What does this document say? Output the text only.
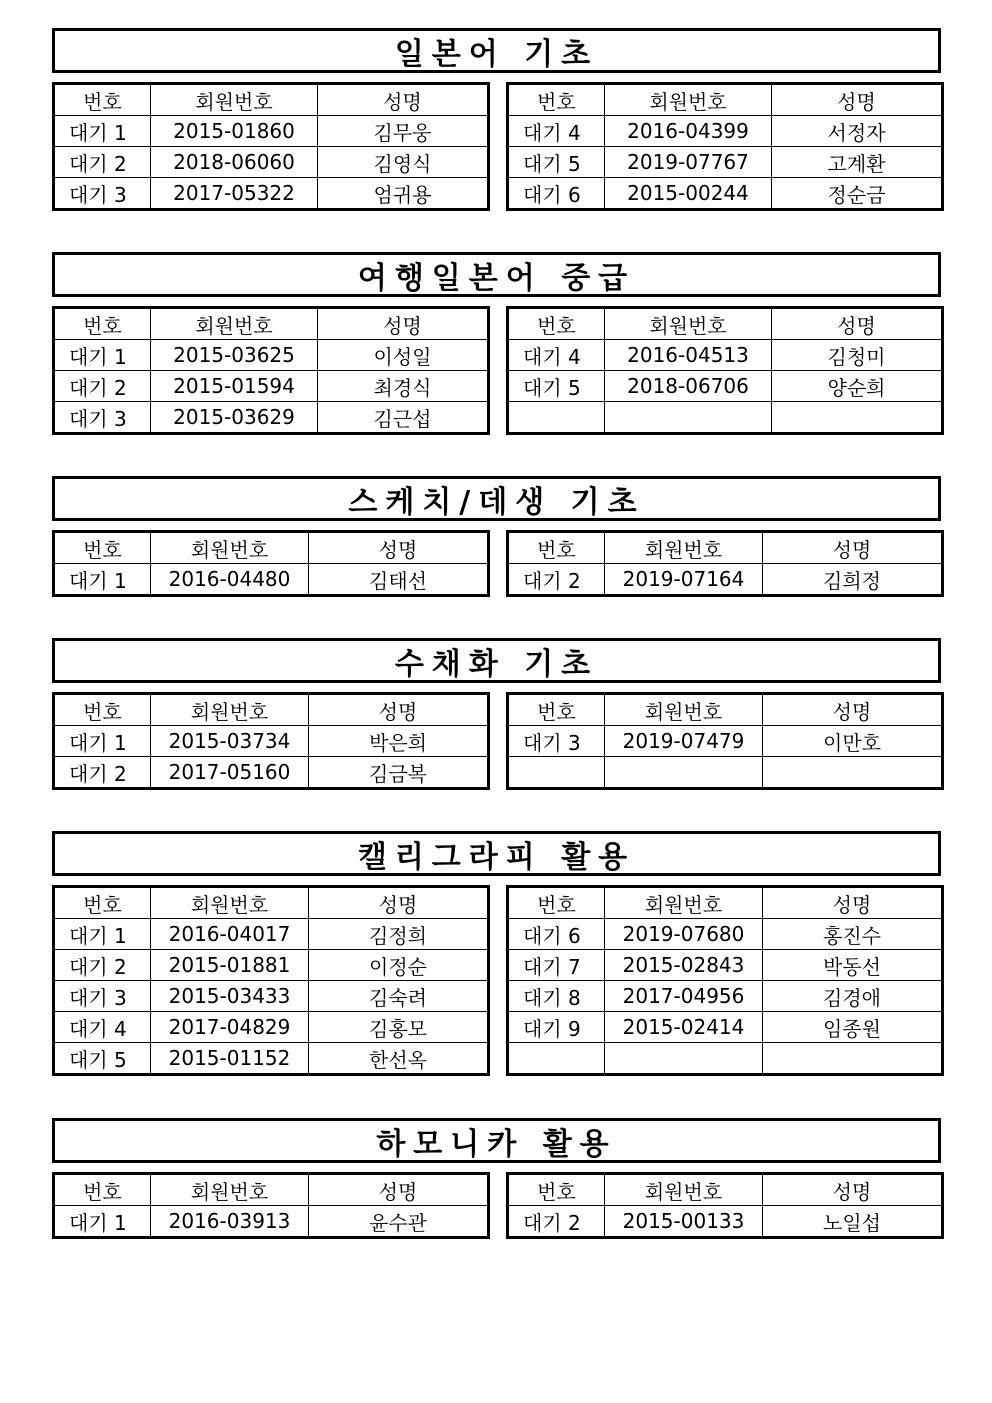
일본어 기초
번호	회원번호	성명
대기 1	2015-01860	김무웅
대기 2	2018-06060	김영식
대기 3	2017-05322	엄귀용
번호	회원번호	성명
대기 4	2016-04399	서정자
대기 5	2019-07767	고계환
대기 6	2015-00244	정순금
여행일본어 중급
번호	회원번호	성명
대기 1	2015-03625	이성일
대기 2	2015-01594	최경식
대기 3	2015-03629	김근섭
번호	회원번호	성명
대기 4	2016-04513	김청미
대기 5	2018-06706	양순희

스케치/데생 기초
번호	회원번호	성명
대기 1	2016-04480	김태선
번호	회원번호	성명
대기 2	2019-07164	김희정
수채화 기초
번호	회원번호	성명
대기 1	2015-03734	박은희
대기 2	2017-05160	김금복
번호	회원번호	성명
대기 3	2019-07479	이만호

캘리그라피 활용
번호	회원번호	성명
대기 1	2016-04017	김정희
대기 2	2015-01881	이정순
대기 3	2015-03433	김숙려
대기 4	2017-04829	김홍모
대기 5	2015-01152	한선옥
번호	회원번호	성명
대기 6	2019-07680	홍진수
대기 7	2015-02843	박동선
대기 8	2017-04956	김경애
대기 9	2015-02414	임종원

하모니카 활용
번호	회원번호	성명
대기 1	2016-03913	윤수관
번호	회원번호	성명
대기 2	2015-00133	노일섭
